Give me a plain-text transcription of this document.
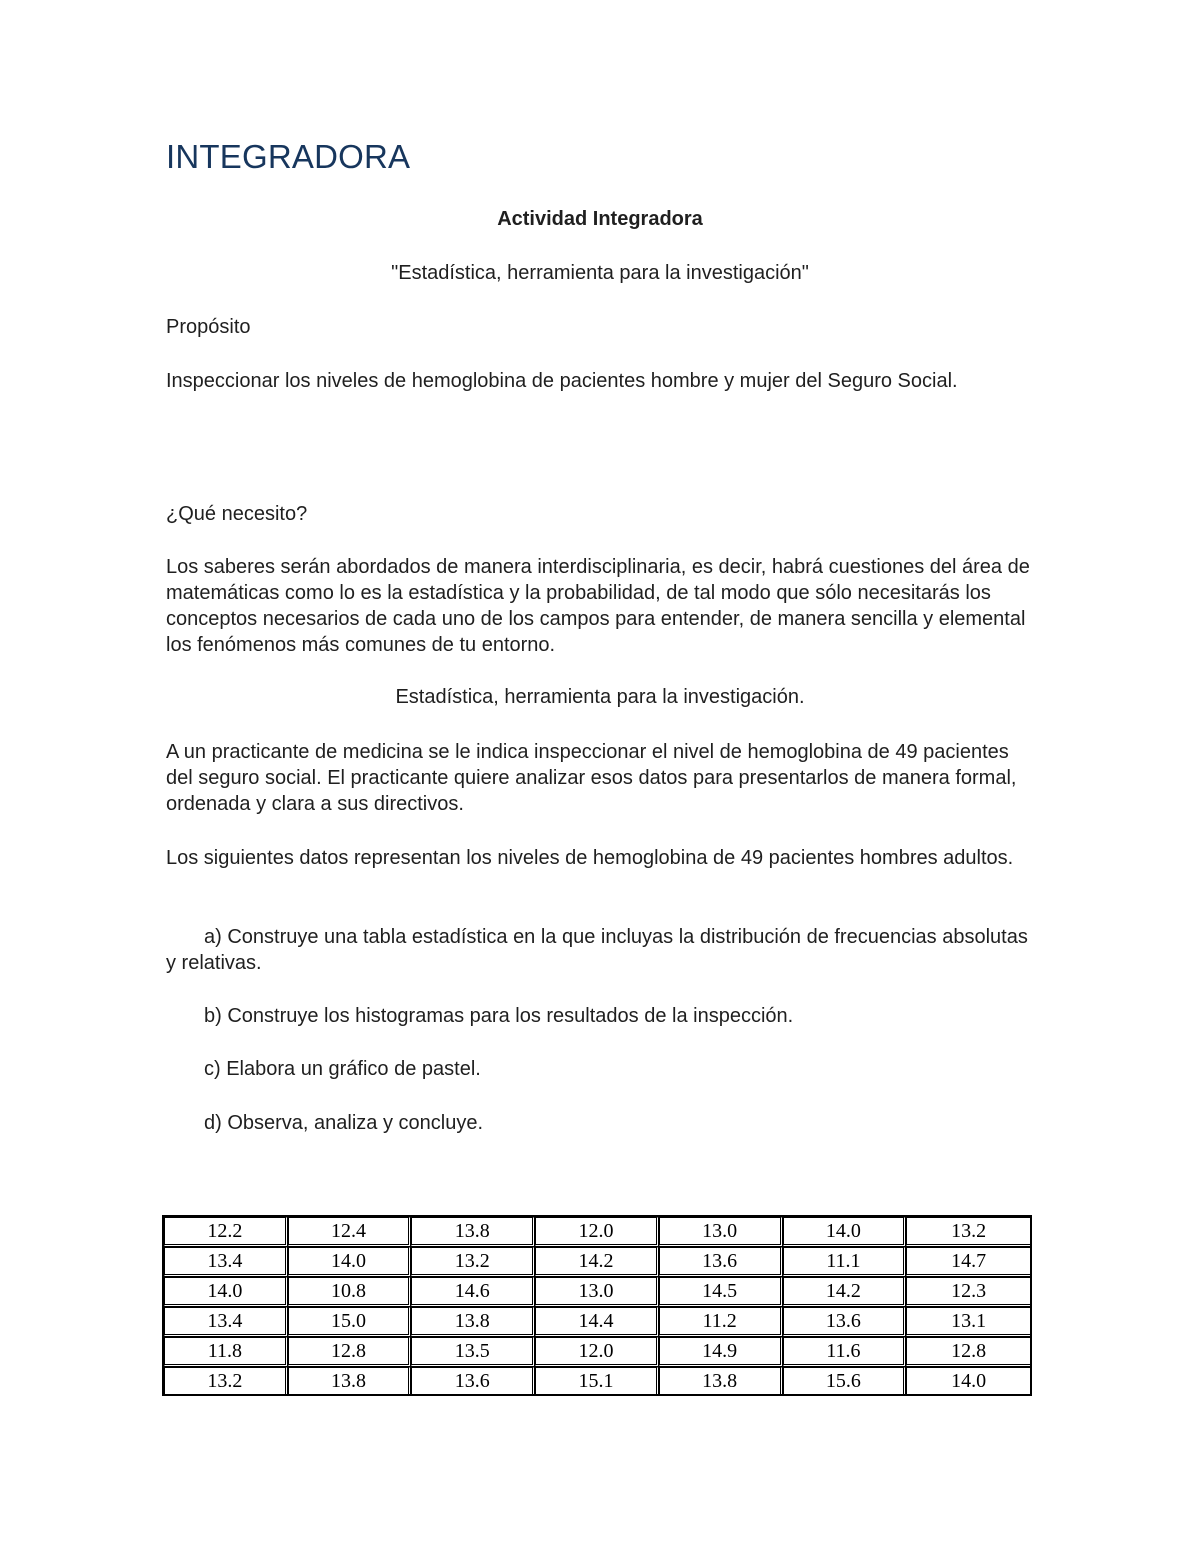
INTEGRADORA
Actividad Integradora
"Estadística, herramienta para la investigación"
Propósito
Inspeccionar los niveles de hemoglobina de pacientes hombre y mujer del Seguro Social.
¿Qué necesito?
Los saberes serán abordados de manera interdisciplinaria, es decir, habrá cuestiones del área de matemáticas como lo es la estadística y la probabilidad, de tal modo que sólo necesitarás los conceptos necesarios de cada uno de los campos para entender, de manera sencilla y elemental los fenómenos más comunes de tu entorno.
Estadística, herramienta para la investigación.
A un practicante de medicina se le indica inspeccionar el nivel de hemoglobina de 49 pacientes del seguro social. El practicante quiere analizar esos datos para presentarlos de manera formal, ordenada y clara a sus directivos.
Los siguientes datos representan los niveles de hemoglobina de 49 pacientes hombres adultos.
a) Construye una tabla estadística en la que incluyas la distribución de frecuencias absolutas y relativas.
b) Construye los histogramas para los resultados de la inspección.
c) Elabora un gráfico de pastel.
d) Observa, analiza y concluye.
12.2	12.4	13.8	12.0	13.0	14.0	13.2
13.4	14.0	13.2	14.2	13.6	11.1	14.7
14.0	10.8	14.6	13.0	14.5	14.2	12.3
13.4	15.0	13.8	14.4	11.2	13.6	13.1
11.8	12.8	13.5	12.0	14.9	11.6	12.8
13.2	13.8	13.6	15.1	13.8	15.6	14.0
